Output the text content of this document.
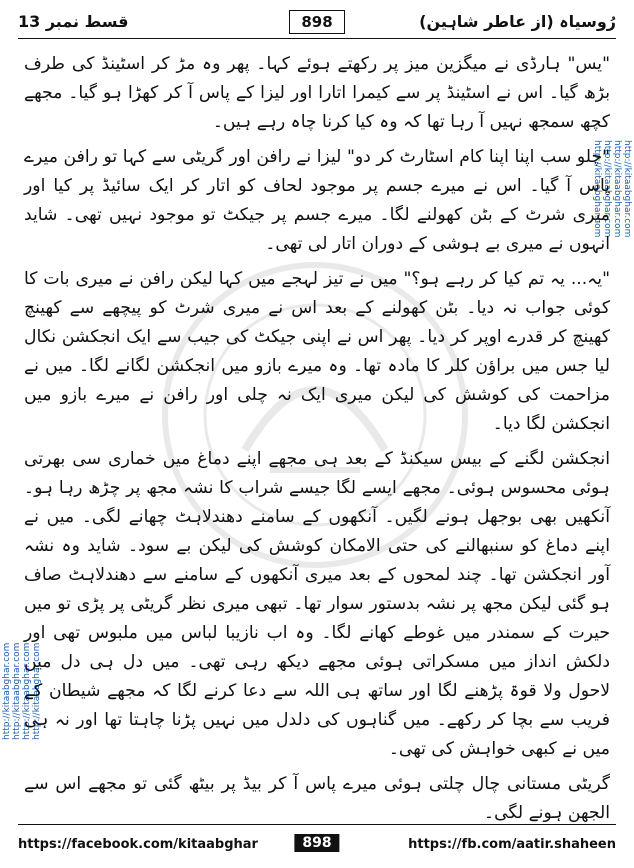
قسط نمبر 13	898	رُوسیاہ (از عاطر شاہین)
http://kitaabghar.com http://kitaabghar.com http://kitaabghar.com http://kitaabghar.com
http://kitaabghar.com
http://kitaabghar.com
http://kitaabghar.com
http://kitaabghar.com

"یس" ہارڈی نے میگزین میز پر رکھتے ہوئے کہا۔ پھر وہ مڑ کر اسٹینڈ کی طرف بڑھ گیا۔ اس نے اسٹینڈ پر سے کیمرا اتارا اور لیزا کے پاس آ کر کھڑا ہو گیا۔ مجھے کچھ سمجھ نہیں آ رہا تھا کہ وہ کیا کرنا چاہ رہے ہیں۔

"چلو سب اپنا اپنا کام اسٹارٹ کر دو" لیزا نے رافن اور گریٹی سے کہا تو رافن میرے پاس آ گیا۔ اس نے میرے جسم پر موجود لحاف کو اتار کر ایک سائیڈ پر کیا اور میری شرٹ کے بٹن کھولنے لگا۔ میرے جسم پر جیکٹ تو موجود نہیں تھی۔ شاید انہوں نے میری بے ہوشی کے دوران اتار لی تھی۔

"یہ... یہ تم کیا کر رہے ہو؟" میں نے تیز لہجے میں کہا لیکن رافن نے میری بات کا کوئی جواب نہ دیا۔ بٹن کھولنے کے بعد اس نے میری شرٹ کو پیچھے سے کھینچ کھینچ کر قدرے اوپر کر دیا۔ پھر اس نے اپنی جیکٹ کی جیب سے ایک انجکشن نکال لیا جس میں براؤن کلر کا مادہ تھا۔ وہ میرے بازو میں انجکشن لگانے لگا۔ میں نے مزاحمت کی کوشش کی لیکن میری ایک نہ چلی اور رافن نے میرے بازو میں انجکشن لگا دیا۔

انجکشن لگنے کے بیس سیکنڈ کے بعد ہی مجھے اپنے دماغ میں خماری سی بھرتی ہوئی محسوس ہوئی۔ مجھے ایسے لگا جیسے شراب کا نشہ مجھ پر چڑھ رہا ہو۔ آنکھیں بھی بوجھل ہونے لگیں۔ آنکھوں کے سامنے دھندلاہٹ چھانے لگی۔ میں نے اپنے دماغ کو سنبھالنے کی حتی الامکان کوشش کی لیکن بے سود۔ شاید وہ نشہ آور انجکشن تھا۔ چند لمحوں کے بعد میری آنکھوں کے سامنے سے دھندلاہٹ صاف ہو گئی لیکن مجھ پر نشہ بدستور سوار تھا۔ تبھی میری نظر گریٹی پر پڑی تو میں حیرت کے سمندر میں غوطے کھانے لگا۔ وہ اب نازیبا لباس میں ملبوس تھی اور دلکش انداز میں مسکراتی ہوئی مجھے دیکھ رہی تھی۔ میں دل ہی دل میں لاحول ولا قوۃ پڑھنے لگا اور ساتھ ہی اللہ سے دعا کرنے لگا کہ مجھے شیطان کے فریب سے بچا کر رکھے۔ میں گناہوں کی دلدل میں نہیں پڑنا چاہتا تھا اور نہ ہی میں نے کبھی خواہش کی تھی۔

گریٹی مستانی چال چلتی ہوئی میرے پاس آ کر بیڈ پر بیٹھ گئی تو مجھے اس سے الجھن ہونے لگی۔

https://facebook.com/kitaabghar	898	https://fb.com/aatir.shaheen
